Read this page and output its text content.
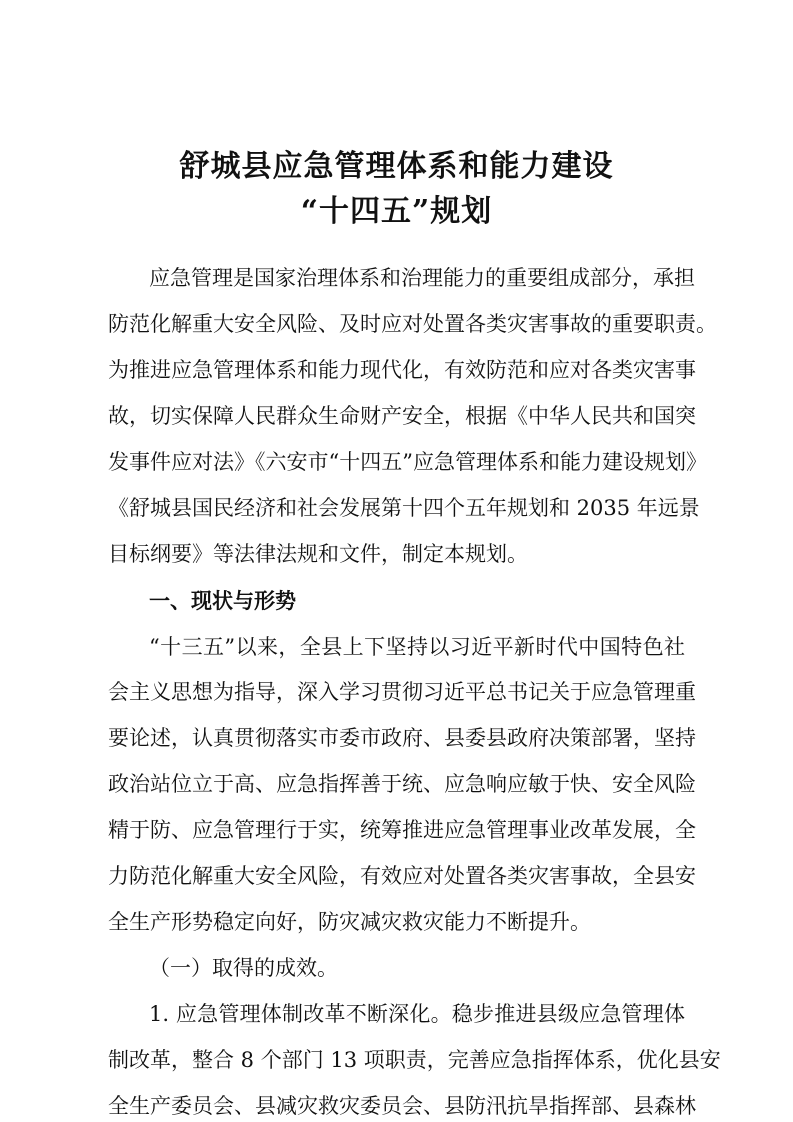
舒城县应急管理体系和能力建设
“十四五”规划
应急管理是国家治理体系和治理能力的重要组成部分，承担
防范化解重大安全风险、及时应对处置各类灾害事故的重要职责。
为推进应急管理体系和能力现代化，有效防范和应对各类灾害事
故，切实保障人民群众生命财产安全，根据《中华人民共和国突
发事件应对法》《六安市“十四五”应急管理体系和能力建设规划》
《舒城县国民经济和社会发展第十四个五年规划和 2035 年远景
目标纲要》等法律法规和文件，制定本规划。
一、现状与形势
“十三五”以来，全县上下坚持以习近平新时代中国特色社
会主义思想为指导，深入学习贯彻习近平总书记关于应急管理重
要论述，认真贯彻落实市委市政府、县委县政府决策部署，坚持
政治站位立于高、应急指挥善于统、应急响应敏于快、安全风险
精于防、应急管理行于实，统筹推进应急管理事业改革发展，全
力防范化解重大安全风险，有效应对处置各类灾害事故，全县安
全生产形势稳定向好，防灾减灾救灾能力不断提升。
（一）取得的成效。
1. 应急管理体制改革不断深化。稳步推进县级应急管理体
制改革，整合 8 个部门 13 项职责，完善应急指挥体系，优化县安
全生产委员会、县减灾救灾委员会、县防汛抗旱指挥部、县森林
